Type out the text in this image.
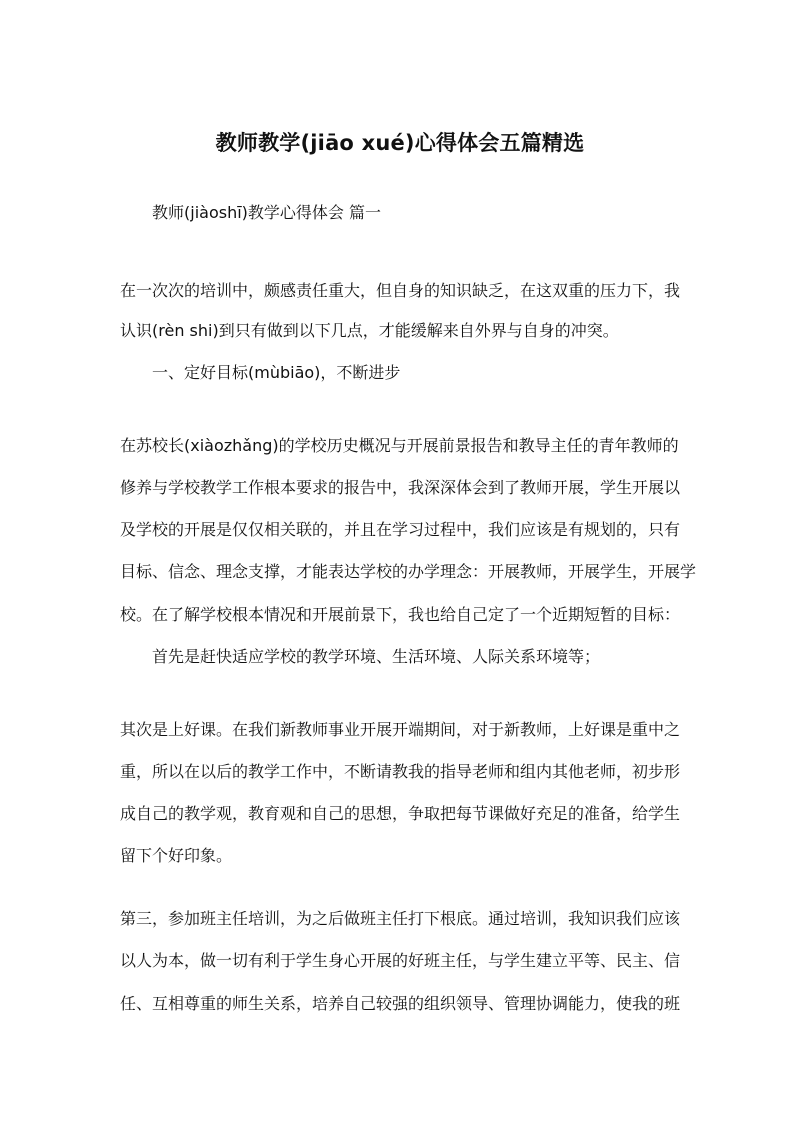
教师教学(jiāo xué)心得体会五篇精选
教师(jiàoshī)教学心得体会 篇一
在一次次的培训中，颇感责任重大，但自身的知识缺乏，在这双重的压力下，我
认识(rèn shi)到只有做到以下几点，才能缓解来自外界与自身的冲突。
一、定好目标(mùbiāo)，不断进步
在苏校长(xiàozhǎng)的学校历史概况与开展前景报告和教导主任的青年教师的
修养与学校教学工作根本要求的报告中，我深深体会到了教师开展，学生开展以
及学校的开展是仅仅相关联的，并且在学习过程中，我们应该是有规划的，只有
目标、信念、理念支撑，才能表达学校的办学理念：开展教师，开展学生，开展学
校。在了解学校根本情况和开展前景下，我也给自己定了一个近期短暂的目标：
首先是赶快适应学校的教学环境、生活环境、人际关系环境等；
其次是上好课。在我们新教师事业开展开端期间，对于新教师，上好课是重中之
重，所以在以后的教学工作中，不断请教我的指导老师和组内其他老师，初步形
成自己的教学观，教育观和自己的思想，争取把每节课做好充足的准备，给学生
留下个好印象。
第三，参加班主任培训，为之后做班主任打下根底。通过培训，我知识我们应该
以人为本，做一切有利于学生身心开展的好班主任，与学生建立平等、民主、信
任、互相尊重的师生关系，培养自己较强的组织领导、管理协调能力，使我的班
